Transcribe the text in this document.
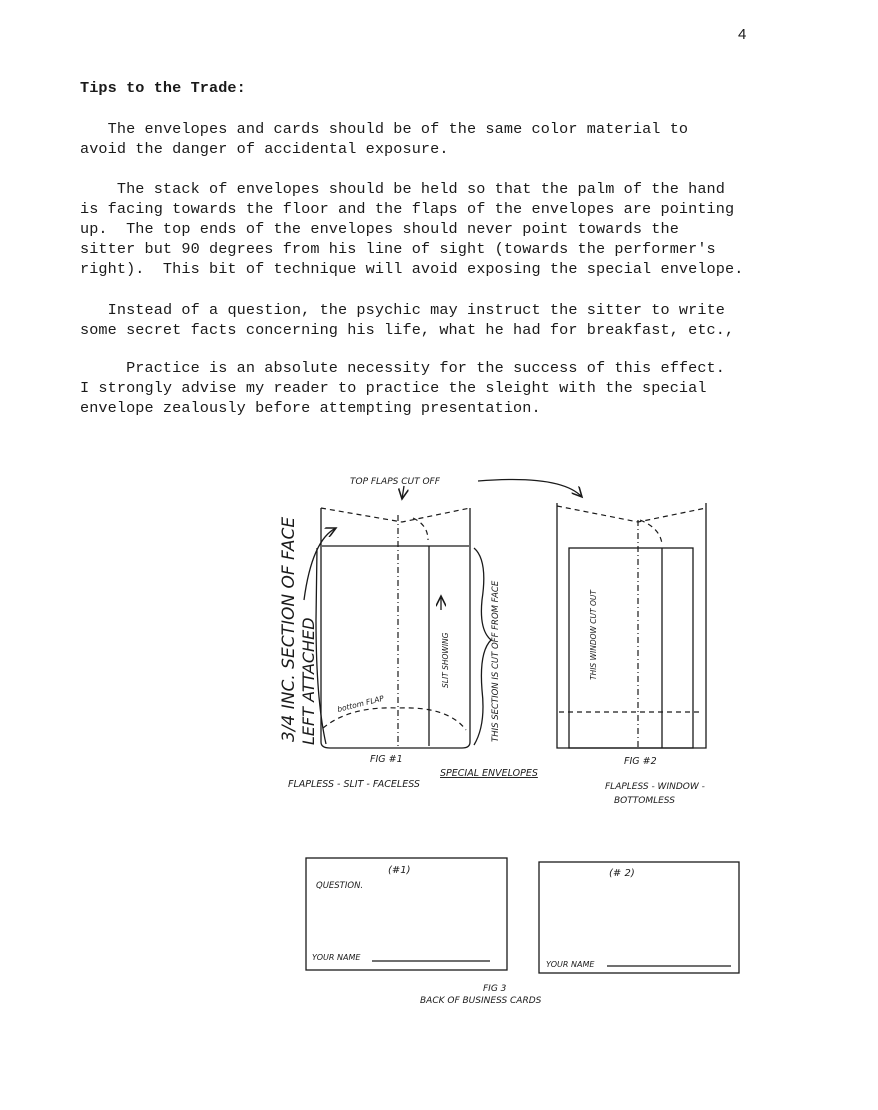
4
Tips to the Trade:
The envelopes and cards should be of the same color material to
avoid the danger of accidental exposure.
The stack of envelopes should be held so that the palm of the hand
is facing towards the floor and the flaps of the envelopes are pointing
up.  The top ends of the envelopes should never point towards the
sitter but 90 degrees from his line of sight (towards the performer's
right).  This bit of technique will avoid exposing the special envelope.
Instead of a question, the psychic may instruct the sitter to write
some secret facts concerning his life, what he had for breakfast, etc.,
Practice is an absolute necessity for the success of this effect.
I strongly advise my reader to practice the sleight with the special
envelope zealously before attempting presentation.
TOP FLAPS CUT OFF
3/4 INC. SECTION OF FACE LEFT ATTACHED	SLIT SHOWING	THIS SECTION IS CUT OFF FROM FACE
bottom FLAP
FIG #1
FLAPLESS - SLIT - FACELESS
SPECIAL ENVELOPES
THIS WINDOW CUT OUT
FIG #2
FLAPLESS - WINDOW -
BOTTOMLESS
(#1)
QUESTION.
YOUR NAME
(# 2)
YOUR NAME
FIG 3
BACK OF BUSINESS CARDS
